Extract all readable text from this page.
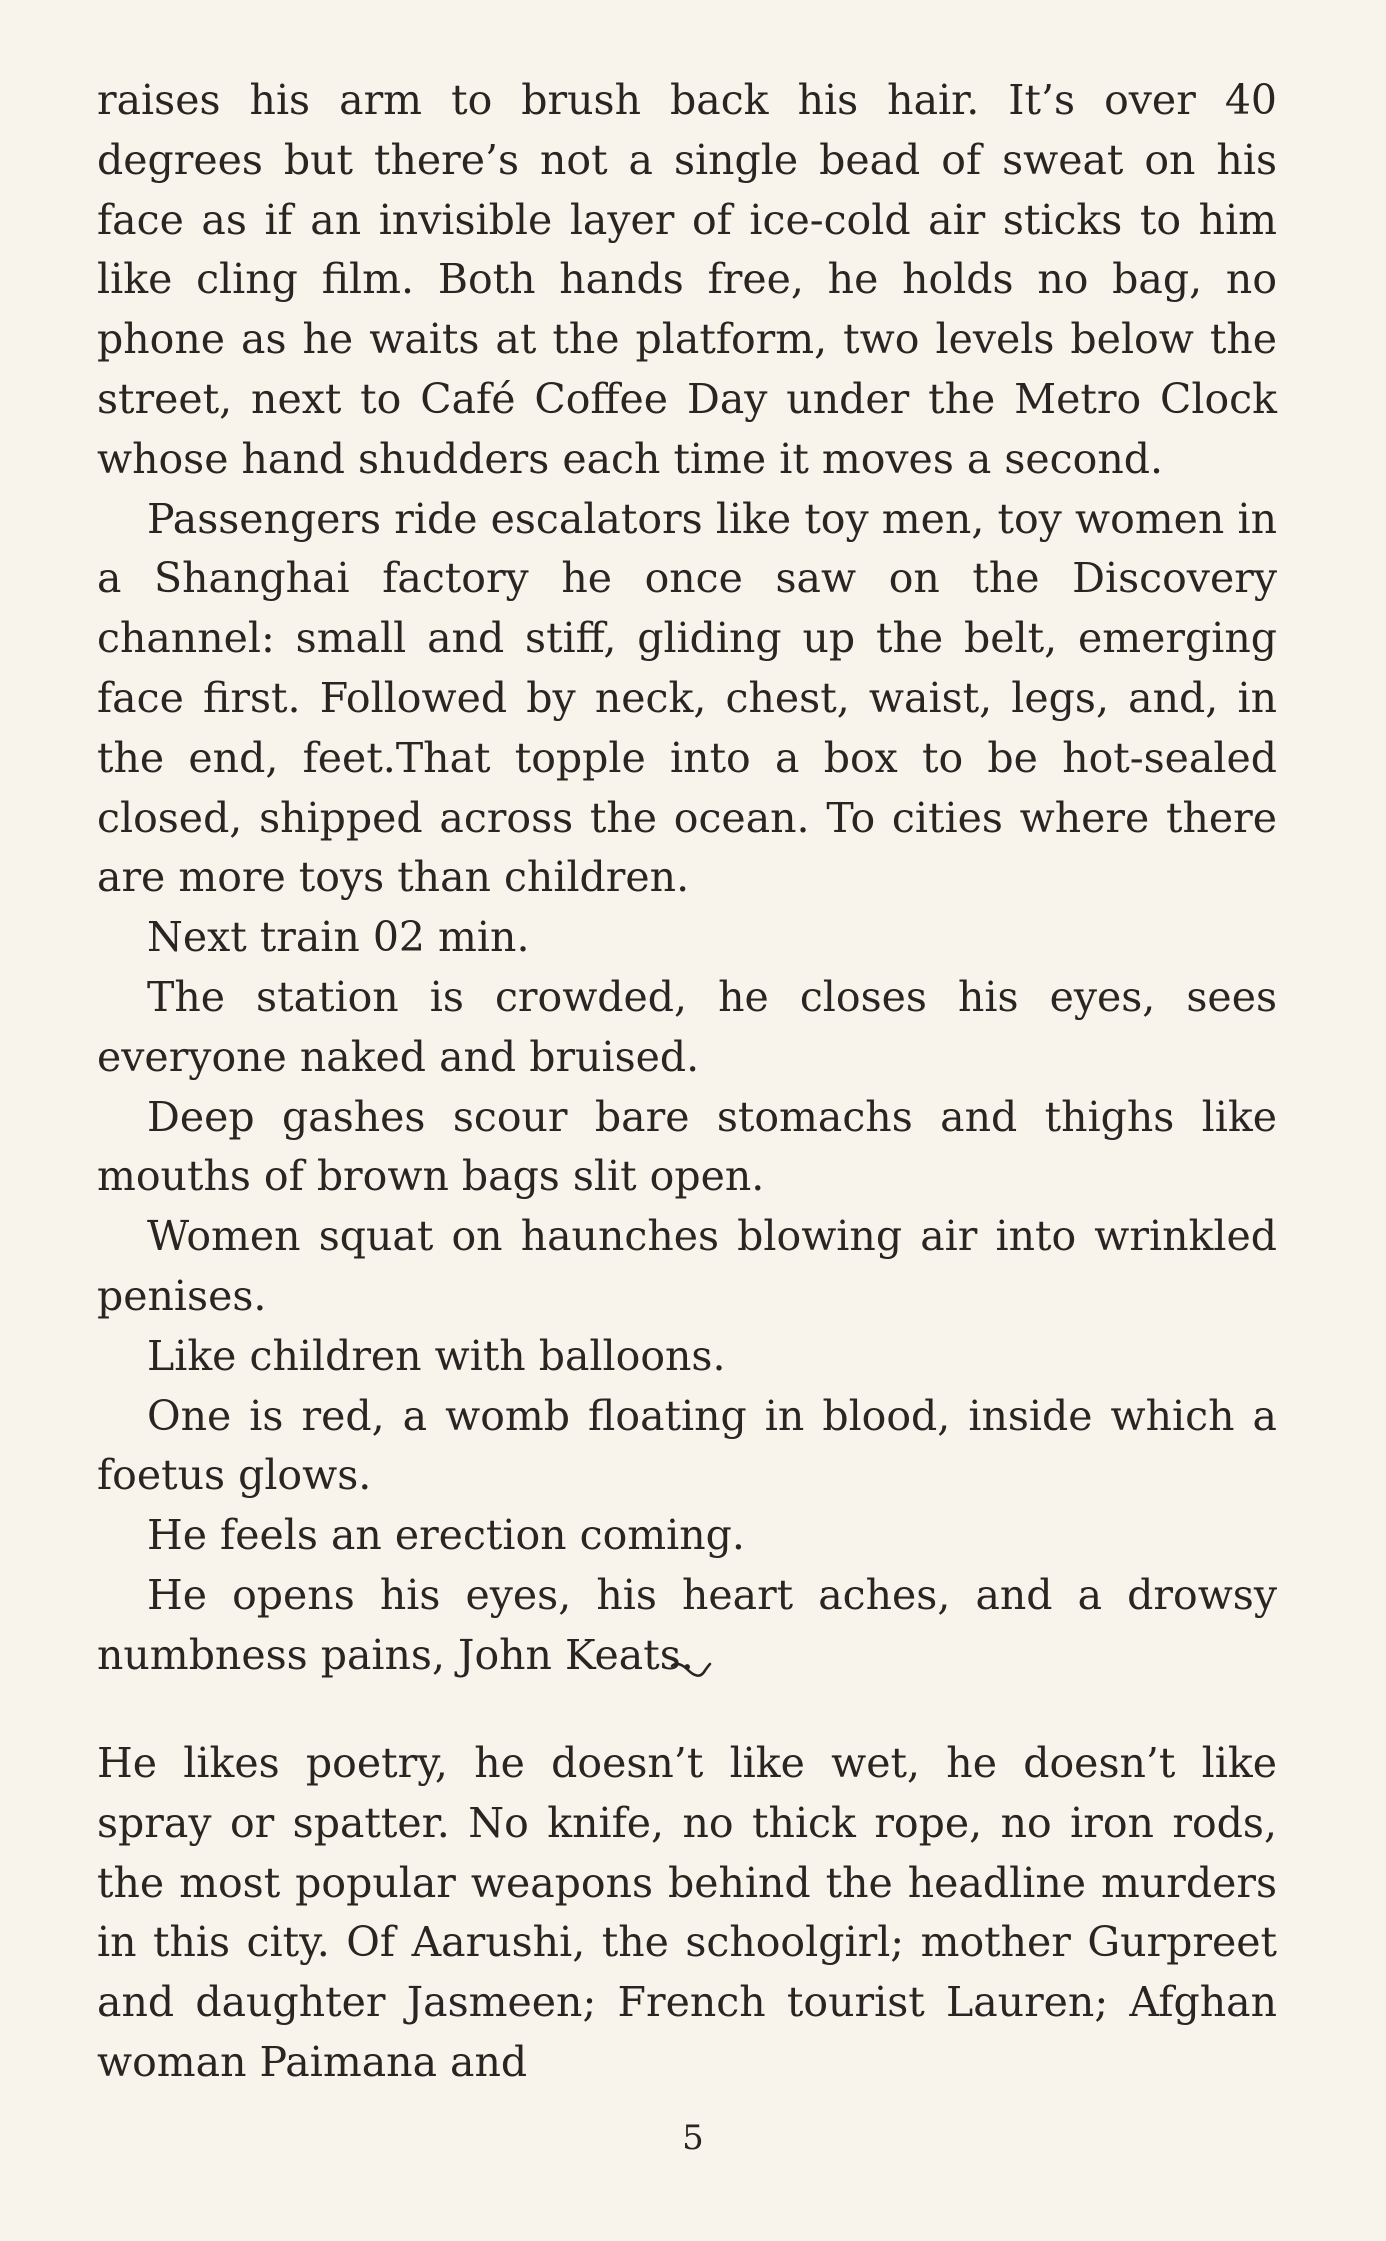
raises his arm to brush back his hair. It’s over 40 degrees but there’s not a single bead of sweat on his face as if an invisible layer of ice-cold air sticks to him like cling film. Both hands free, he holds no bag, no phone as he waits at the platform, two levels below the street, next to Café Coffee Day under the Metro Clock whose hand shudders each time it moves a second.

Passengers ride escalators like toy men, toy women in a Shanghai factory he once saw on the Discovery channel: small and stiff, gliding up the belt, emerging face first. Followed by neck, chest, waist, legs, and, in the end, feet.That topple into a box to be hot-sealed closed, shipped across the ocean. To cities where there are more toys than children.

Next train 02 min.

The station is crowded, he closes his eyes, sees everyone naked and bruised.

Deep gashes scour bare stomachs and thighs like mouths of brown bags slit open.

Women squat on haunches blowing air into wrinkled penises.

Like children with balloons.

One is red, a womb floating in blood, inside which a foetus glows.

He feels an erection coming.

He opens his eyes, his heart aches, and a drowsy numbness pains, John Keats.

He likes poetry, he doesn’t like wet, he doesn’t like spray or spatter. No knife, no thick rope, no iron rods, the most popular weapons behind the headline murders in this city. Of Aarushi, the schoolgirl; mother Gurpreet and daughter Jasmeen; French tourist Lauren; Afghan woman Paimana and

5
